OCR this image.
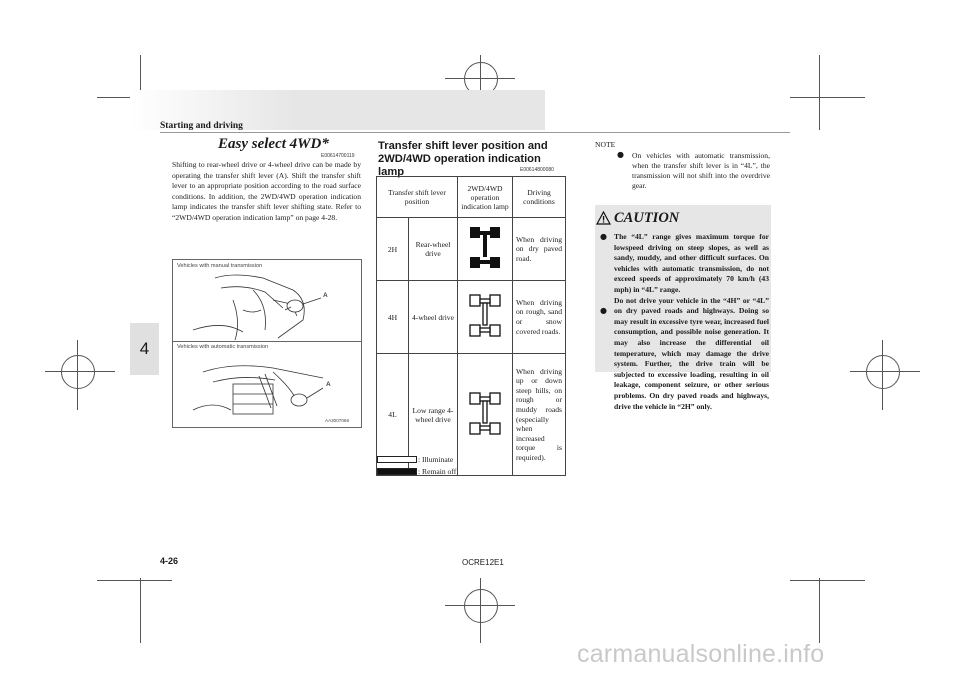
Starting and driving
4
Easy select 4WD*
E00614700119
Shifting to rear-wheel drive or 4-wheel drive can be made by operating the transfer shift lever (A). Shift the transfer shift lever to an appropriate position according to the road surface conditions. In addition, the 2WD/4WD operation indication lamp indicates the transfer shift lever shifting state. Refer to “2WD/4WD operation indication lamp” on page 4-28.
Vehicles with manual transmission
Vehicles with automatic transmission
A
A
AA3007066
Transfer shift lever position and 2WD/4WD operation indication lamp	E00614800080
Transfer shift lever position		2WD/4WD operation indication lamp	Driving conditions
2H	Rear-wheel drive		When driving on dry paved road.
4H	4-wheel drive		When driving on rough, sand or snow covered roads.
4L	Low range 4-wheel drive		When driving up or down steep hills, on rough or muddy roads (especially when increased torque is required).
: Illuminate
: Remain off
NOTE
● On vehicles with automatic transmission, when the transfer shift lever is in “4L”, the transmission will not shift into the overdrive gear.
CAUTION
●
●

The “4L” range gives maximum torque for lowspeed driving on steep slopes, as well as sandy, muddy, and other difficult surfaces. On vehicles with automatic transmission, do not exceed speeds of approximately 70 km/h (43 mph) in “4L” range.

Do not drive your vehicle in the “4H” or “4L” on dry paved roads and highways. Doing so may result in excessive tyre wear, increased fuel consumption, and possible noise generation. It may also increase the differential oil temperature, which may damage the drive system. Further, the drive train will be subjected to excessive loading, resulting in oil leakage, component seizure, or other serious problems. On dry paved roads and highways, drive the vehicle in “2H” only.

4-26	OCRE12E1
carmanualsonline.info
